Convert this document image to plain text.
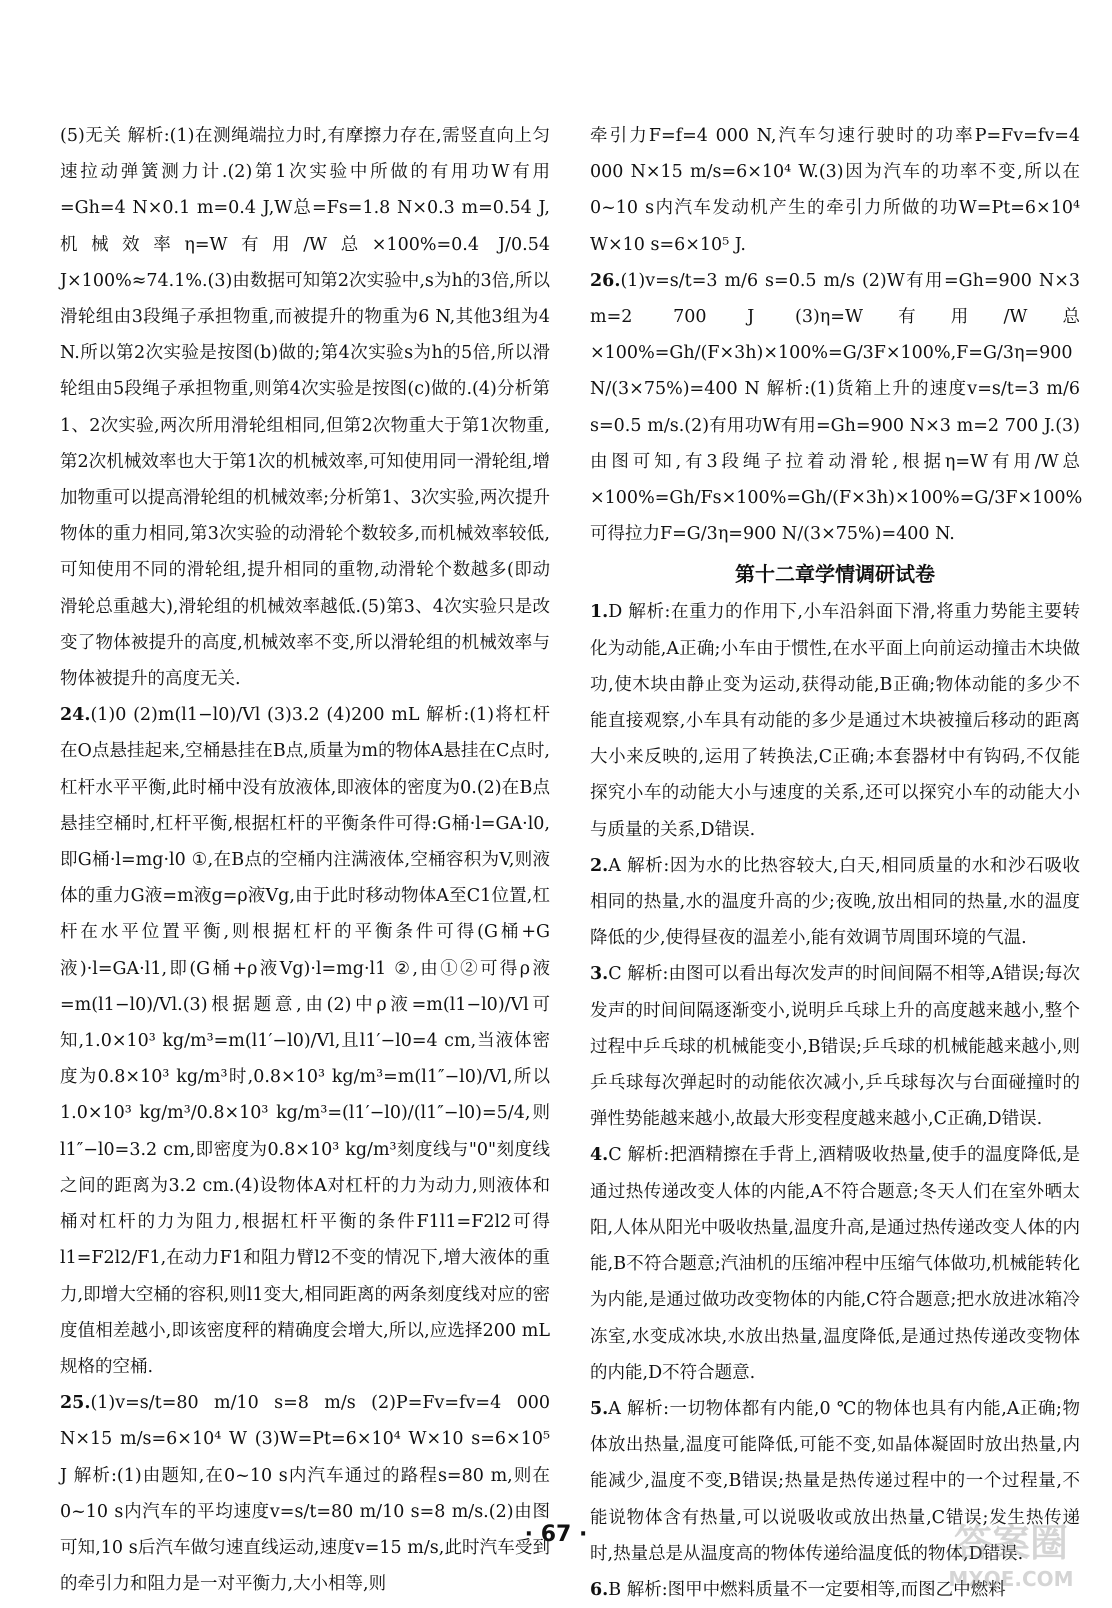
(5)无关 解析:(1)在测绳端拉力时,有摩擦力存在,需竖直向上匀速拉动弹簧测力计.(2)第1次实验中所做的有用功W有用=Gh=4 N×0.1 m=0.4 J,W总=Fs=1.8 N×0.3 m=0.54 J,机械效率η=W有用/W总×100%=0.4 J/0.54 J×100%≈74.1%.(3)由数据可知第2次实验中,s为h的3倍,所以滑轮组由3段绳子承担物重,而被提升的物重为6 N,其他3组为4 N.所以第2次实验是按图(b)做的;第4次实验s为h的5倍,所以滑轮组由5段绳子承担物重,则第4次实验是按图(c)做的.(4)分析第1、2次实验,两次所用滑轮组相同,但第2次物重大于第1次物重,第2次机械效率也大于第1次的机械效率,可知使用同一滑轮组,增加物重可以提高滑轮组的机械效率;分析第1、3次实验,两次提升物体的重力相同,第3次实验的动滑轮个数较多,而机械效率较低,可知使用不同的滑轮组,提升相同的重物,动滑轮个数越多(即动滑轮总重越大),滑轮组的机械效率越低.(5)第3、4次实验只是改变了物体被提升的高度,机械效率不变,所以滑轮组的机械效率与物体被提升的高度无关.

24.(1)0 (2)m(l1−l0)/Vl (3)3.2 (4)200 mL 解析:(1)将杠杆在O点悬挂起来,空桶悬挂在B点,质量为m的物体A悬挂在C点时,杠杆水平平衡,此时桶中没有放液体,即液体的密度为0.(2)在B点悬挂空桶时,杠杆平衡,根据杠杆的平衡条件可得:G桶·l=GA·l0,即G桶·l=mg·l0 ①,在B点的空桶内注满液体,空桶容积为V,则液体的重力G液=m液g=ρ液Vg,由于此时移动物体A至C1位置,杠杆在水平位置平衡,则根据杠杆的平衡条件可得(G桶+G液)·l=GA·l1,即(G桶+ρ液Vg)·l=mg·l1 ②,由①②可得ρ液=m(l1−l0)/Vl.(3)根据题意,由(2)中ρ液=m(l1−l0)/Vl可知,1.0×10³ kg/m³=m(l1′−l0)/Vl,且l1′−l0=4 cm,当液体密度为0.8×10³ kg/m³时,0.8×10³ kg/m³=m(l1″−l0)/Vl,所以1.0×10³ kg/m³/0.8×10³ kg/m³=(l1′−l0)/(l1″−l0)=5/4,则l1″−l0=3.2 cm,即密度为0.8×10³ kg/m³刻度线与"0"刻度线之间的距离为3.2 cm.(4)设物体A对杠杆的力为动力,则液体和桶对杠杆的力为阻力,根据杠杆平衡的条件F1l1=F2l2可得l1=F2l2/F1,在动力F1和阻力臂l2不变的情况下,增大液体的重力,即增大空桶的容积,则l1变大,相同距离的两条刻度线对应的密度值相差越小,即该密度秤的精确度会增大,所以,应选择200 mL规格的空桶.

25.(1)v=s/t=80 m/10 s=8 m/s (2)P=Fv=fv=4 000 N×15 m/s=6×10⁴ W (3)W=Pt=6×10⁴ W×10 s=6×10⁵ J 解析:(1)由题知,在0~10 s内汽车通过的路程s=80 m,则在0~10 s内汽车的平均速度v=s/t=80 m/10 s=8 m/s.(2)由图可知,10 s后汽车做匀速直线运动,速度v=15 m/s,此时汽车受到的牵引力和阻力是一对平衡力,大小相等,则

牵引力F=f=4 000 N,汽车匀速行驶时的功率P=Fv=fv=4 000 N×15 m/s=6×10⁴ W.(3)因为汽车的功率不变,所以在0~10 s内汽车发动机产生的牵引力所做的功W=Pt=6×10⁴ W×10 s=6×10⁵ J.

26.(1)v=s/t=3 m/6 s=0.5 m/s (2)W有用=Gh=900 N×3 m=2 700 J (3)η=W有用/W总×100%=Gh/(F×3h)×100%=G/3F×100%,F=G/3η=900 N/(3×75%)=400 N 解析:(1)货箱上升的速度v=s/t=3 m/6 s=0.5 m/s.(2)有用功W有用=Gh=900 N×3 m=2 700 J.(3)由图可知,有3段绳子拉着动滑轮,根据η=W有用/W总×100%=Gh/Fs×100%=Gh/(F×3h)×100%=G/3F×100%可得拉力F=G/3η=900 N/(3×75%)=400 N.

第十二章学情调研试卷

1.D 解析:在重力的作用下,小车沿斜面下滑,将重力势能主要转化为动能,A正确;小车由于惯性,在水平面上向前运动撞击木块做功,使木块由静止变为运动,获得动能,B正确;物体动能的多少不能直接观察,小车具有动能的多少是通过木块被撞后移动的距离大小来反映的,运用了转换法,C正确;本套器材中有钩码,不仅能探究小车的动能大小与速度的关系,还可以探究小车的动能大小与质量的关系,D错误.

2.A 解析:因为水的比热容较大,白天,相同质量的水和沙石吸收相同的热量,水的温度升高的少;夜晚,放出相同的热量,水的温度降低的少,使得昼夜的温差小,能有效调节周围环境的气温.

3.C 解析:由图可以看出每次发声的时间间隔不相等,A错误;每次发声的时间间隔逐渐变小,说明乒乓球上升的高度越来越小,整个过程中乒乓球的机械能变小,B错误;乒乓球的机械能越来越小,则乒乓球每次弹起时的动能依次减小,乒乓球每次与台面碰撞时的弹性势能越来越小,故最大形变程度越来越小,C正确,D错误.

4.C 解析:把酒精擦在手背上,酒精吸收热量,使手的温度降低,是通过热传递改变人体的内能,A不符合题意;冬天人们在室外晒太阳,人体从阳光中吸收热量,温度升高,是通过热传递改变人体的内能,B不符合题意;汽油机的压缩冲程中压缩气体做功,机械能转化为内能,是通过做功改变物体的内能,C符合题意;把水放进冰箱冷冻室,水变成冰块,水放出热量,温度降低,是通过热传递改变物体的内能,D不符合题意.

5.A 解析:一切物体都有内能,0 ℃的物体也具有内能,A正确;物体放出热量,温度可能降低,可能不变,如晶体凝固时放出热量,内能减少,温度不变,B错误;热量是热传递过程中的一个过程量,不能说物体含有热量,可以说吸收或放出热量,C错误;发生热传递时,热量总是从温度高的物体传递给温度低的物体,D错误.

6.B 解析:图甲中燃料质量不一定要相等,而图乙中燃料

· 67 ·	答案圈
MXQE.COM
